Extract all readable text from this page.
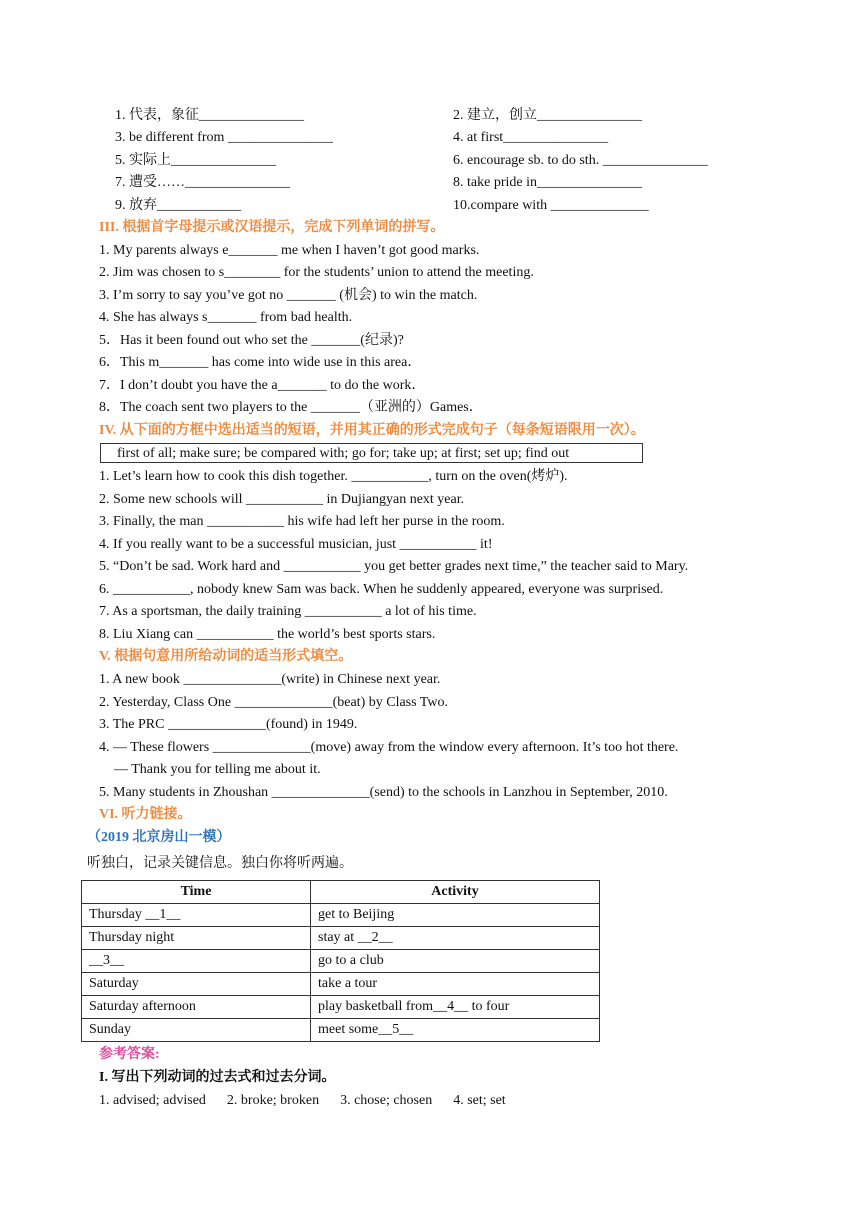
1. 代表，象征_______________	2. 建立，创立_______________
3. be different from _______________	4. at first_______________
5. 实际上_______________	6. encourage sb. to do sth. _______________
7. 遭受……_______________	8. take pride in_______________
9. 放弃____________	10.compare with ______________
III. 根据首字母提示或汉语提示，完成下列单词的拼写。
1. My parents always e_______ me when I haven’t got good marks.
2. Jim was chosen to s________ for the students’ union to attend the meeting.
3. I’m sorry to say you’ve got no _______ (机会) to win the match.
4. She has always s_______ from bad health.
5．Has it been found out who set the _______(纪录)?
6．This m_______ has come into wide use in this area．
7．I don’t doubt you have the a_______ to do the work．
8．The coach sent two players to the _______（亚洲的）Games．
IV. 从下面的方框中选出适当的短语，并用其正确的形式完成句子（每条短语限用一次）。
first of all; make sure; be compared with; go for; take up; at first; set up; find out
1. Let’s learn how to cook this dish together. ___________, turn on the oven(烤炉).
2. Some new schools will ___________ in Dujiangyan next year.
3. Finally, the man ___________ his wife had left her purse in the room.
4. If you really want to be a successful musician, just ___________ it!
5. “Don’t be sad. Work hard and ___________ you get better grades next time,” the teacher said to Mary.
6. ___________, nobody knew Sam was back. When he suddenly appeared, everyone was surprised.
7. As a sportsman, the daily training ___________ a lot of his time.
8. Liu Xiang can ___________ the world’s best sports stars.
V. 根据句意用所给动词的适当形式填空。
1. A new book ______________(write) in Chinese next year.
2. Yesterday, Class One ______________(beat) by Class Two.
3. The PRC ______________(found) in 1949.
4. — These flowers ______________(move) away from the window every afternoon. It’s too hot there.
— Thank you for telling me about it.
5. Many students in Zhoushan ______________(send) to the schools in Lanzhou in September, 2010.
VI. 听力链接。
（2019 北京房山一模）
听独白，记录关键信息。独白你将听两遍。
Time	Activity
Thursday __1__	get to Beijing
Thursday night	stay at __2__
__3__	go to a club
Saturday	take a tour
Saturday afternoon	play basketball from__4__ to four
Sunday	meet some__5__
参考答案:
I. 写出下列动词的过去式和过去分词。
1. advised; advised      2. broke; broken      3. chose; chosen      4. set; set
